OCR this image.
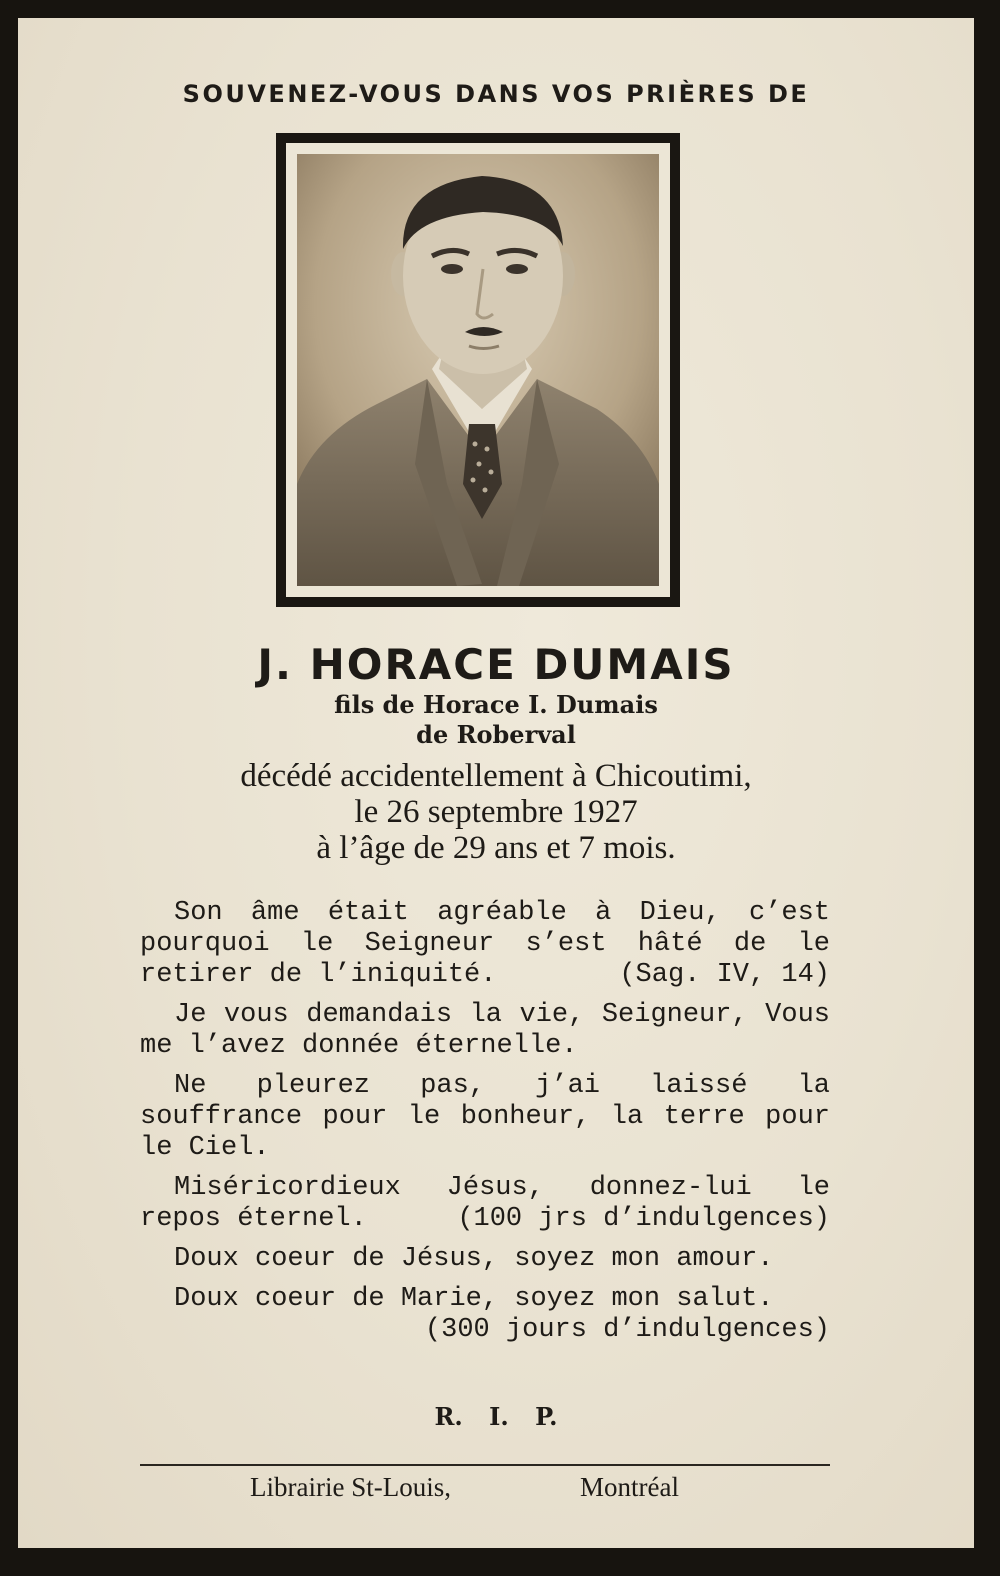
SOUVENEZ-VOUS DANS VOS PRIÈRES DE
J. HORACE DUMAIS
fils de Horace I. Dumais
de Roberval
décédé accidentellement à Chicoutimi,
le 26 septembre 1927
à l’âge de 29 ans et 7 mois.

Son âme était agréable à Dieu, c’est pourquoi le Seigneur s’est hâté de le retirer de l’iniquité.	(Sag. IV, 14)

Je vous demandais la vie, Seigneur, Vous me l’avez donnée éternelle.

Ne pleurez pas, j’ai laissé la souffrance pour le bonheur, la terre pour le Ciel.

Miséricordieux Jésus, donnez-lui le repos éternel.	(100 jrs d’indulgences)

Doux coeur de Jésus, soyez mon amour.

Doux coeur de Marie, soyez mon salut.
(300 jours d’indulgences)

R. I. P.
Librairie St-Louis,	Montréal
